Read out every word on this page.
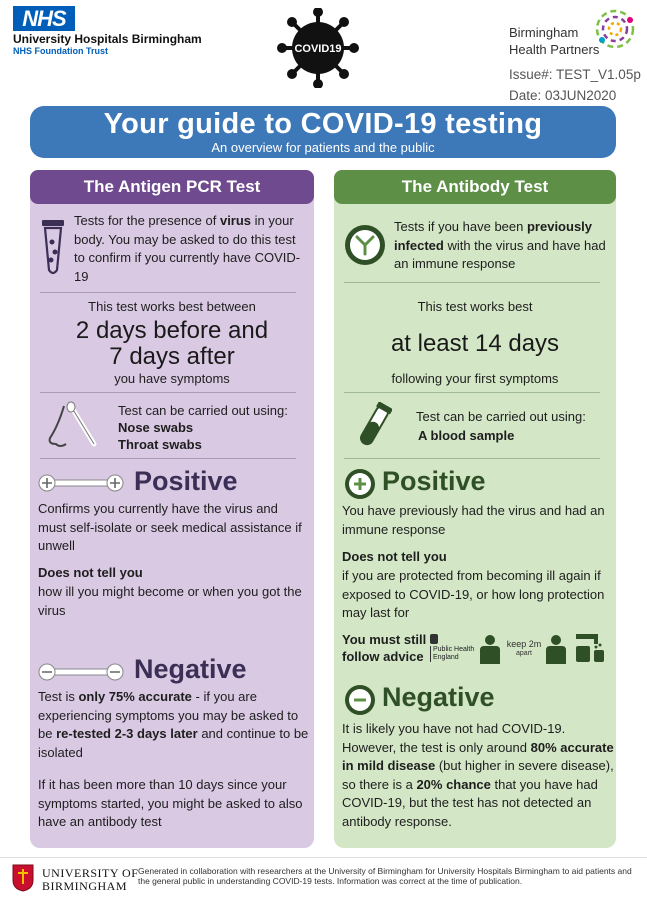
NHS
University Hospitals Birmingham
NHS Foundation Trust	COVID19
Birmingham
Health Partners
Issue#: TEST_V1.05p
Date: 03JUN2020
Your guide to COVID-19 testing
An overview for patients and the public
The Antigen PCR Test
Tests for the presence of virus in your body. You may be asked to do this test to confirm if you currently have COVID-19
This test works best between
2 days before and
7 days after
you have symptoms
Test can be carried out using:
Nose swabs
Throat swabs
Positive
Confirms you currently have the virus and must self-isolate or seek medical assistance if unwell
Does not tell you
how ill you might become or when you got the virus
Negative
Test is only 75% accurate - if you are experiencing symptoms you may be asked to be re-tested 2-3 days later and continue to be isolated
If it has been more than 10 days since your symptoms started, you might be asked to also have an antibody test
The Antibody Test
Tests if you have been previously infected with the virus and have had an immune response
This test works best
at least 14 days
following your first symptoms
Test can be carried out using:
A blood sample
Positive
You have previously had the virus and had an immune response
Does not tell you
if you are protected from becoming ill again if exposed to COVID-19, or how long protection may last for
You must still
follow advice	Public Health
England
keep 2m
apart
Negative
It is likely you have not had COVID-19. However, the test is only around 80% accurate in mild disease (but higher in severe disease), so there is a 20% chance that you have had COVID-19, but the test has not detected an antibody response.
UNIVERSITY OF
BIRMINGHAM
Generated in collaboration with researchers at the University of Birmingham for University Hospitals Birmingham to aid patients and the general public in understanding COVID-19 tests. Information was correct at the time of publication.
